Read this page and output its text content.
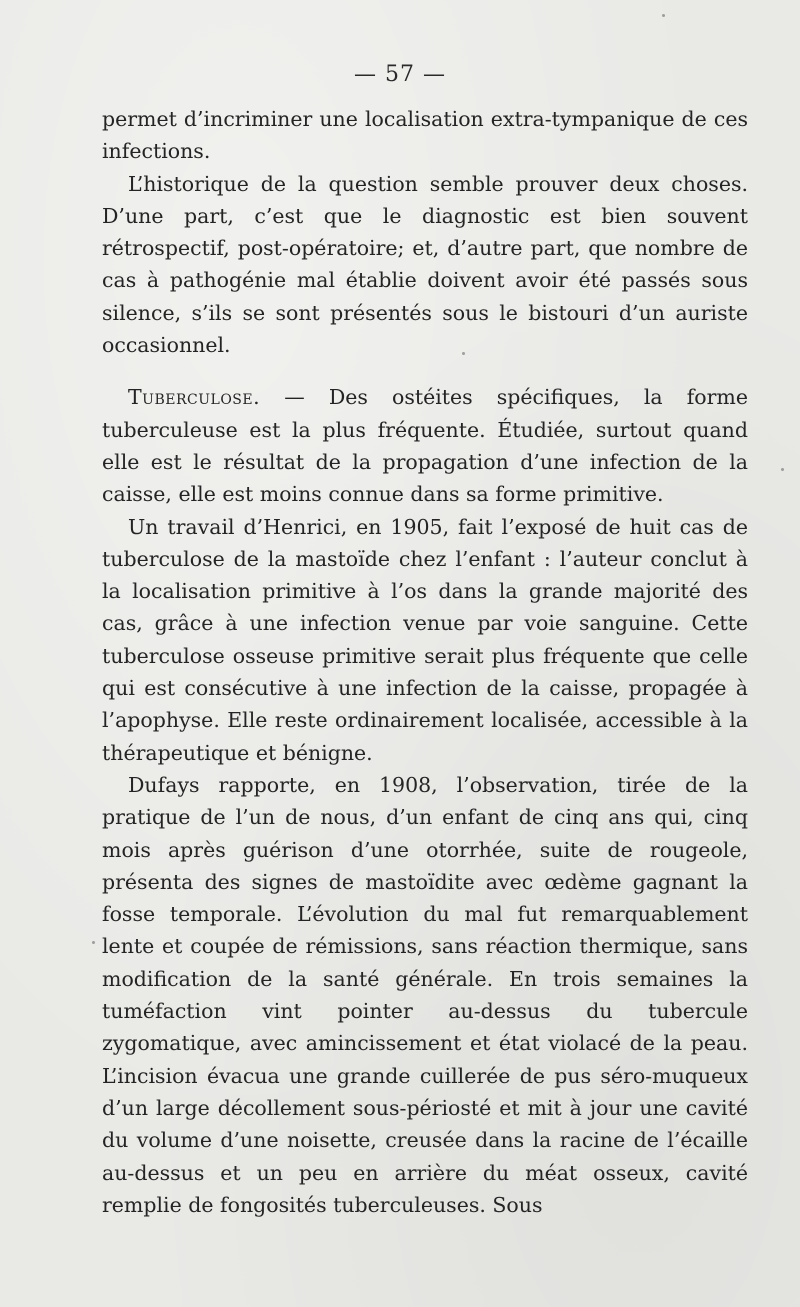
— 57 —

permet d’incriminer une localisation extra-tympanique de ces infections.

L’historique de la question semble prouver deux choses. D’une part, c’est que le diagnostic est bien souvent rétrospectif, post-opératoire; et, d’autre part, que nombre de cas à pathogénie mal établie doivent avoir été passés sous silence, s’ils se sont présentés sous le bistouri d’un auriste occasionnel.

Tuberculose. — Des ostéites spécifiques, la forme tuberculeuse est la plus fréquente. Étudiée, surtout quand elle est le résultat de la propagation d’une infection de la caisse, elle est moins connue dans sa forme primitive.

Un travail d’Henrici, en 1905, fait l’exposé de huit cas de tuberculose de la mastoïde chez l’enfant : l’auteur conclut à la localisation primitive à l’os dans la grande majorité des cas, grâce à une infection venue par voie sanguine. Cette tuberculose osseuse primitive serait plus fréquente que celle qui est consécutive à une infection de la caisse, propagée à l’apophyse. Elle reste ordinairement localisée, accessible à la thérapeutique et bénigne.

Dufays rapporte, en 1908, l’observation, tirée de la pratique de l’un de nous, d’un enfant de cinq ans qui, cinq mois après guérison d’une otorrhée, suite de rougeole, présenta des signes de mastoïdite avec œdème gagnant la fosse temporale. L’évolution du mal fut remarquablement lente et coupée de rémissions, sans réaction thermique, sans modification de la santé générale. En trois semaines la tuméfaction vint pointer au-dessus du tubercule zygomatique, avec amincissement et état violacé de la peau. L’incision évacua une grande cuillerée de pus séro-muqueux d’un large décollement sous-périosté et mit à jour une cavité du volume d’une noisette, creusée dans la racine de l’écaille au-dessus et un peu en arrière du méat osseux, cavité remplie de fongosités tuberculeuses. Sous
